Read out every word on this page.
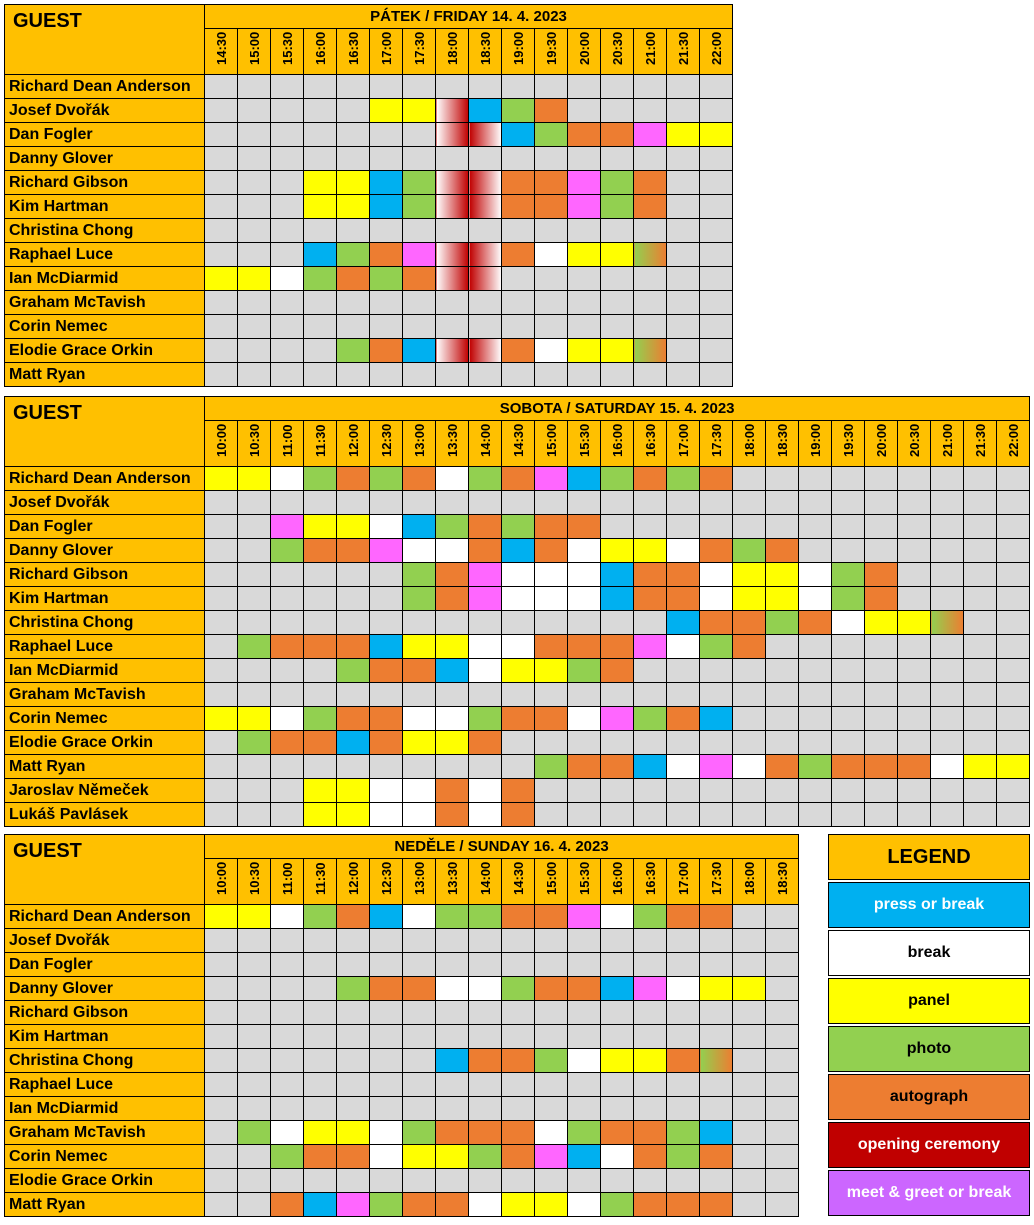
GUEST	PÁTEK / FRIDAY 14. 4. 2023															

	14:30	15:00	15:30	16:00	16:30	17:00	17:30	18:00	18:30	19:00	19:30	20:00	20:30	21:00	21:30	22:00

Richard Dean Anderson																
Josef Dvořák																
Dan Fogler																
Danny Glover																
Richard Gibson																
Kim Hartman																
Christina Chong																
Raphael Luce																
Ian McDiarmid																
Graham McTavish																
Corin Nemec																
Elodie Grace Orkin																
Matt Ryan																
GUEST	SOBOTA / SATURDAY 15. 4. 2023																								

	10:00	10:30	11:00	11:30	12:00	12:30	13:00	13:30	14:00	14:30	15:00	15:30	16:00	16:30	17:00	17:30	18:00	18:30	19:00	19:30	20:00	20:30	21:00	21:30	22:00

Richard Dean Anderson																									
Josef Dvořák																									
Dan Fogler																									
Danny Glover																									
Richard Gibson																									
Kim Hartman																									
Christina Chong																									
Raphael Luce																									
Ian McDiarmid																									
Graham McTavish																									
Corin Nemec																									
Elodie Grace Orkin																									
Matt Ryan																									
Jaroslav Němeček																									
Lukáš Pavlásek																									
GUEST	NEDĚLE / SUNDAY 16. 4. 2023																	

	10:00	10:30	11:00	11:30	12:00	12:30	13:00	13:30	14:00	14:30	15:00	15:30	16:00	16:30	17:00	17:30	18:00	18:30

Richard Dean Anderson																		
Josef Dvořák																		
Dan Fogler																		
Danny Glover																		
Richard Gibson																		
Kim Hartman																		
Christina Chong																		
Raphael Luce																		
Ian McDiarmid																		
Graham McTavish																		
Corin Nemec																		
Elodie Grace Orkin																		
Matt Ryan																		
LEGEND
press or break
break
panel
photo
autograph
opening ceremony
meet & greet or break
